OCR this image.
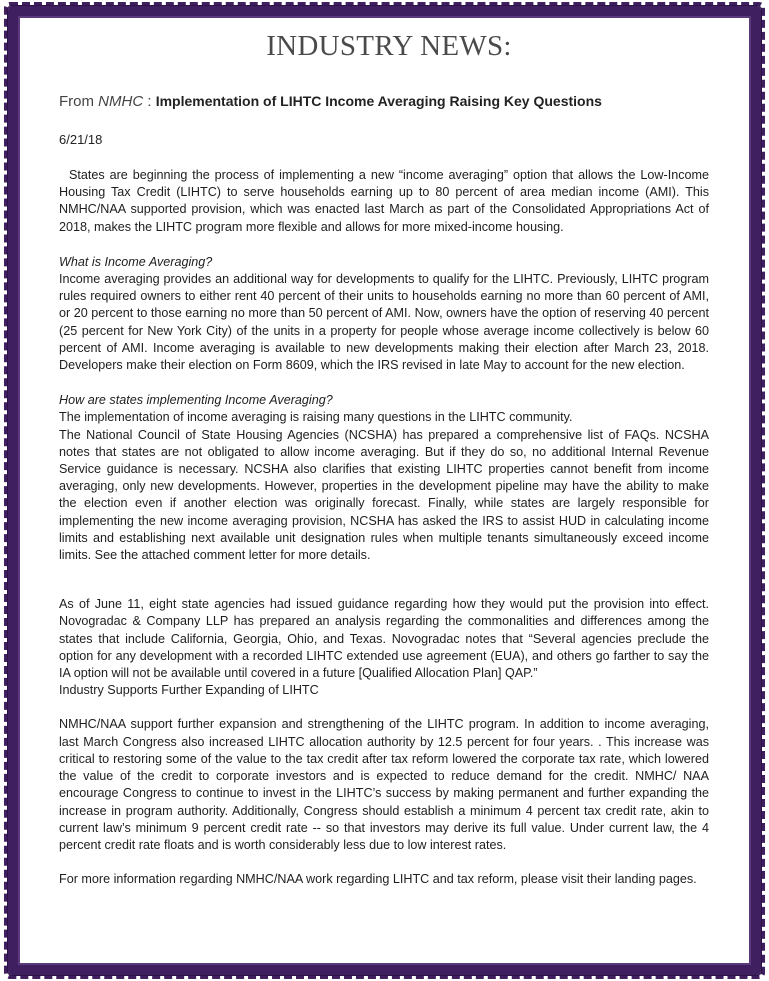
INDUSTRY NEWS:
From NMHC : Implementation of LIHTC Income Averaging Raising Key Questions
6/21/18

States are beginning the process of implementing a new “income averaging” option that allows the Low-Income Housing Tax Credit (LIHTC) to serve households earning up to 80 percent of area median income (AMI). This NMHC/NAA supported provision, which was enacted last March as part of the Consolidated Appropriations Act of 2018, makes the LIHTC program more flexible and allows for more mixed-income housing.

What is Income Averaging?

Income averaging provides an additional way for developments to qualify for the LIHTC. Previously, LIHTC program rules required owners to either rent 40 percent of their units to households earning no more than 60 percent of AMI, or 20 percent to those earning no more than 50 percent of AMI. Now, owners have the option of reserving 40 percent (25 percent for New York City) of the units in a property for people whose average income collectively is below 60 percent of AMI. Income averaging is available to new developments making their election after March 23, 2018. Developers make their election on Form 8609, which the IRS revised in late May to account for the new election.

How are states implementing Income Averaging?

The implementation of income averaging is raising many questions in the LIHTC community.

The National Council of State Housing Agencies (NCSHA) has prepared a comprehensive list of FAQs. NCSHA notes that states are not obligated to allow income averaging. But if they do so, no additional Internal Revenue Service guidance is necessary. NCSHA also clarifies that existing LIHTC properties cannot benefit from income averaging, only new developments. However, properties in the development pipeline may have the ability to make the election even if another election was originally forecast. Finally, while states are largely responsible for implementing the new income averaging provision, NCSHA has asked the IRS to assist HUD in calculating income limits and establishing next available unit designation rules when multiple tenants simultaneously exceed income limits. See the attached comment letter for more details.

As of June 11, eight state agencies had issued guidance regarding how they would put the provision into effect. Novogradac & Company LLP has prepared an analysis regarding the commonalities and differences among the states that include California, Georgia, Ohio, and Texas. Novogradac notes that “Several agencies preclude the option for any development with a recorded LIHTC extended use agreement (EUA), and others go farther to say the IA option will not be available until covered in a future [Qualified Allocation Plan] QAP.”

Industry Supports Further Expanding of LIHTC

NMHC/NAA support further expansion and strengthening of the LIHTC program. In addition to income averaging, last March Congress also increased LIHTC allocation authority by 12.5 percent for four years. . This increase was critical to restoring some of the value to the tax credit after tax reform lowered the corporate tax rate, which lowered the value of the credit to corporate investors and is expected to reduce demand for the credit. NMHC/ NAA encourage Congress to continue to invest in the LIHTC’s success by making permanent and further expanding the increase in program authority. Additionally, Congress should establish a minimum 4 percent tax credit rate, akin to current law’s minimum 9 percent credit rate -- so that investors may derive its full value. Under current law, the 4 percent credit rate floats and is worth considerably less due to low interest rates.

For more information regarding NMHC/NAA work regarding LIHTC and tax reform, please visit their landing pages.
